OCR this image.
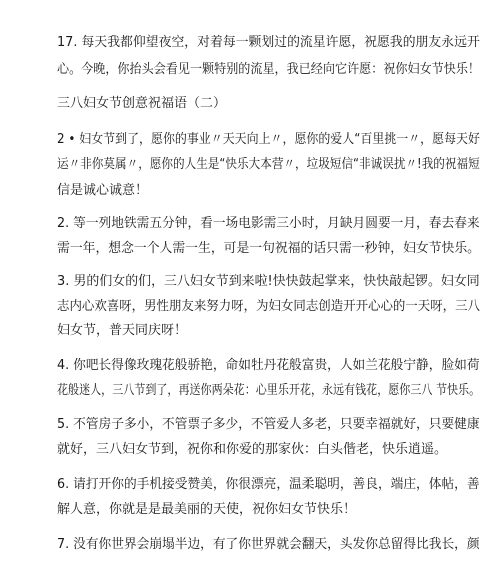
17. 每天我都仰望夜空，对着每一颗划过的流星许愿，祝愿我的朋友永远开
心。今晚，你抬头会看见一颗特别的流星，我已经向它许愿：祝你妇女节快乐！
三八妇女节创意祝福语（二）
2 • 妇女节到了，愿你的事业〃天天向上〃，愿你的爱人“百里挑一〃，愿每天好
运〃非你莫属〃，愿你的人生是“快乐大本营〃，垃圾短信“非诚误扰〃!我的祝福短
信是诚心诚意！
2. 等一列地铁需五分钟，看一场电影需三小时，月缺月圆要一月，春去春来
需一年，想念一个人需一生，可是一句祝福的话只需一秒钟，妇女节快乐。
3. 男的们女的们，三八妇女节到来啦!快快鼓起掌来，快快敲起锣。妇女同
志内心欢喜呀，男性朋友来努力呀，为妇女同志创造开开心心的一天呀，三八
妇女节，普天同庆呀！
4. 你吧长得像玫瑰花般骄艳，命如牡丹花般富贵，人如兰花般宁静，脸如荷
花般迷人，三八节到了，再送你两朵花：心里乐开花，永远有钱花，愿你三八 节快乐。
5. 不管房子多小，不管票子多少，不管爱人多老，只要幸福就好，只要健康
就好，三八妇女节到，祝你和你爱的那家伙：白头偕老，快乐逍遥。
6. 请打开你的手机接受赞美，你很漂亮，温柔聪明，善良，端庄，体帖，善
解人意，你就是是最美丽的天使，祝你妇女节快乐！
7. 没有你世界会崩塌半边，有了你世界就会翻天，头发你总留得比我长，颜
